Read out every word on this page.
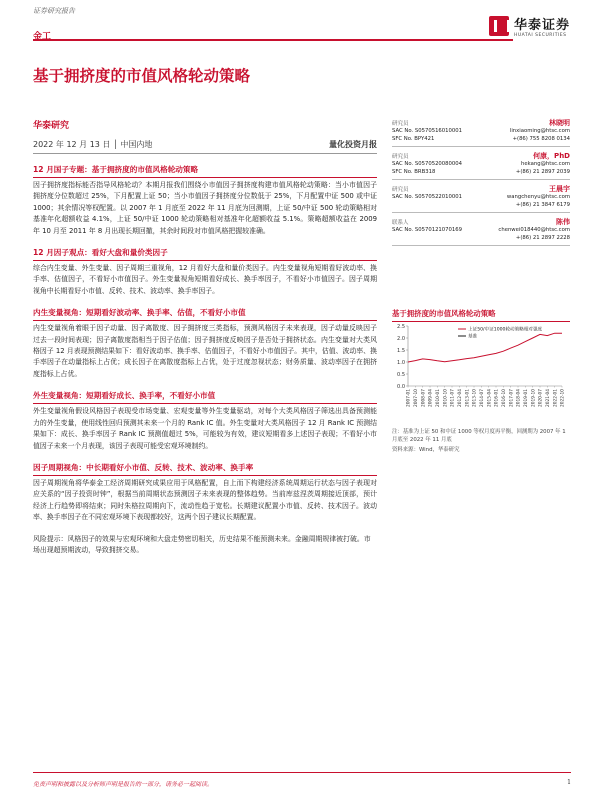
证券研究报告
金工
华泰证券
HUATAI SECURITIES
基于拥挤度的市值风格轮动策略
华泰研究
2022 年 12 月 13 日 │ 中国内地	量化投资月报
12 月国子专题：基于拥挤度的市值风格轮动策略
因子拥挤度指标能否指导风格轮动？本期月报我们围绕小市值因子拥挤度构建市值风格轮动策略：当小市值因子拥挤度分位数超过 25%，下月配置上证 50；当小市值因子拥挤度分位数低于 25%，下月配置中证 500 或中证 1000；其余情况等权配置。以 2007 年 1 月底至 2022 年 11 月底为回测期，上证 50/中证 500 轮动策略相对基准年化超额收益 4.1%，上证 50/中证 1000 轮动策略相对基准年化超额收益 5.1%。策略超额收益在 2009 年 10 月至 2011 年 8 月出现长期回撤，其余时间段对市值风格把握较准确。
12 月因子观点：看好大盘和量价类因子
综合内生变量、外生变量、因子周期三重视角，12 月看好大盘和量价类因子。内生变量视角短期看好波动率、换手率、估值因子，不看好小市值因子。外生变量视角短期看好成长、换手率因子，不看好小市值因子。因子周期视角中长期看好小市值、反转、技术、波动率、换手率因子。
内生变量视角：短期看好波动率、换手率、估值，不看好小市值
内生变量视角着眼于因子动量、因子离散度、因子拥挤度三类指标，预测风格因子未来表现，因子动量反映因子过去一段时间表现；因子离散度指相当于因子估值；因子拥挤度反映因子是否处于拥挤状态。内生变量对大类风格因子 12 月表现预测结果如下：看好波动率、换手率、估值因子，不看好小市值因子。其中，估值、波动率、换手率因子在动量指标上占优；成长因子在离散度指标上占优，处于过度忽视状态；财务质量、波动率因子在拥挤度指标上占优。
外生变量视角：短期看好成长、换手率，不看好小市值
外生变量视角假设风格因子表现受市场变量、宏观变量等外生变量驱动，对每个大类风格因子筛选出具备预测能力的外生变量，使用线性回归预测其未来一个月的 Rank IC 值。外生变量对大类风格因子 12 月 Rank IC 预测结果如下：成长、换手率因子 Rank IC 预测值超过 5%，可能较为有效，建议短期看多上述因子表现；不看好小市值因子未来一个月表现，该因子表现可能受宏观环境制约。
因子周期视角：中长期看好小市值、反转、技术、波动率、换手率
因子周期视角将华泰金工经济周期研究成果应用于风格配置，自上而下构建经济系统周期运行状态与因子表现对应关系的“因子投资时钟”，根据当前周期状态预测因子未来表现的整体趋势。当前库兹涅茨周期接近顶部，预计经济上行趋势即将结束；同时朱格拉周期向下，流动性趋于宽松。长期建议配置小市值、反转、技术因子。波动率、换手率因子在不同宏观环境下表现都较好，这两个因子建议长期配置。
风险提示：风格因子的效果与宏观环境和大盘走势密切相关，历史结果不能预测未来。金融周期规律被打破。市场出现超预期波动，导致拥挤交易。
研究员	林晓明
SAC No. S0570516010001	linxiaoming@htsc.com
SFC No. BPY421	+(86) 755 8208 0134
研究员	何康，PhD
SAC No. S0570520080004	hekang@htsc.com
SFC No. BRB318	+(86) 21 2897 2039
研究员	王晨宇
SAC No. S0570522010001	wangchenyu@htsc.com
+(86) 21 3847 6179
联系人	陈伟
SAC No. S0570121070169	chenwei018440@htsc.com
+(86) 21 2897 2228
基于拥挤度的市值风格轮动策略
0.0
0.5
1.0
1.5
2.0
2.5
2007-01 2007-10 2008-07 2009-04 2010-01 2010-10 2011-07 2012-04 2013-01 2013-10 2014-07 2015-04 2016-01 2016-10 2017-07 2018-04 2019-01 2019-10 2020-07 2021-04 2022-01 2022-10
上证50/中证1000轮动策略相对强度
基准
注：基准为上证 50 和中证 1000 等权月度再平衡，回测期为 2007 年 1 月底至 2022 年 11 月底
资料来源：Wind，华泰研究
免责声明和披露以及分析师声明是报告的一部分，请务必一起阅读。	1
